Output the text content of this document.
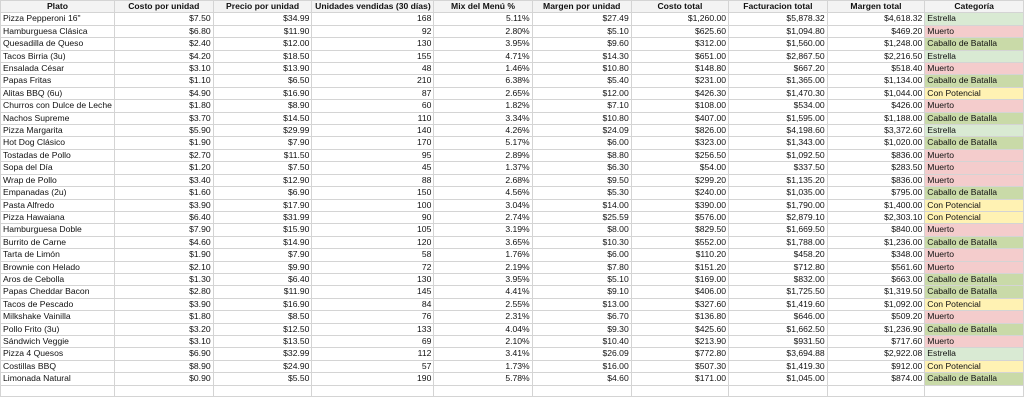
Plato	Costo por unidad	Precio por unidad	Unidades vendidas (30 días)	Mix del Menú %	Margen por unidad	Costo total	Facturacion total	Margen total	Categoría
Pizza Pepperoni 16"	$7.50	$34.99	168	5.11%	$27.49	$1,260.00	$5,878.32	$4,618.32	Estrella
Hamburguesa Clásica	$6.80	$11.90	92	2.80%	$5.10	$625.60	$1,094.80	$469.20	Muerto
Quesadilla de Queso	$2.40	$12.00	130	3.95%	$9.60	$312.00	$1,560.00	$1,248.00	Caballo de Batalla
Tacos Birria (3u)	$4.20	$18.50	155	4.71%	$14.30	$651.00	$2,867.50	$2,216.50	Estrella
Ensalada César	$3.10	$13.90	48	1.46%	$10.80	$148.80	$667.20	$518.40	Muerto
Papas Fritas	$1.10	$6.50	210	6.38%	$5.40	$231.00	$1,365.00	$1,134.00	Caballo de Batalla
Alitas BBQ (6u)	$4.90	$16.90	87	2.65%	$12.00	$426.30	$1,470.30	$1,044.00	Con Potencial
Churros con Dulce de Leche	$1.80	$8.90	60	1.82%	$7.10	$108.00	$534.00	$426.00	Muerto
Nachos Supreme	$3.70	$14.50	110	3.34%	$10.80	$407.00	$1,595.00	$1,188.00	Caballo de Batalla
Pizza Margarita	$5.90	$29.99	140	4.26%	$24.09	$826.00	$4,198.60	$3,372.60	Estrella
Hot Dog Clásico	$1.90	$7.90	170	5.17%	$6.00	$323.00	$1,343.00	$1,020.00	Caballo de Batalla
Tostadas de Pollo	$2.70	$11.50	95	2.89%	$8.80	$256.50	$1,092.50	$836.00	Muerto
Sopa del Día	$1.20	$7.50	45	1.37%	$6.30	$54.00	$337.50	$283.50	Muerto
Wrap de Pollo	$3.40	$12.90	88	2.68%	$9.50	$299.20	$1,135.20	$836.00	Muerto
Empanadas (2u)	$1.60	$6.90	150	4.56%	$5.30	$240.00	$1,035.00	$795.00	Caballo de Batalla
Pasta Alfredo	$3.90	$17.90	100	3.04%	$14.00	$390.00	$1,790.00	$1,400.00	Con Potencial
Pizza Hawaiana	$6.40	$31.99	90	2.74%	$25.59	$576.00	$2,879.10	$2,303.10	Con Potencial
Hamburguesa Doble	$7.90	$15.90	105	3.19%	$8.00	$829.50	$1,669.50	$840.00	Muerto
Burrito de Carne	$4.60	$14.90	120	3.65%	$10.30	$552.00	$1,788.00	$1,236.00	Caballo de Batalla
Tarta de Limón	$1.90	$7.90	58	1.76%	$6.00	$110.20	$458.20	$348.00	Muerto
Brownie con Helado	$2.10	$9.90	72	2.19%	$7.80	$151.20	$712.80	$561.60	Muerto
Aros de Cebolla	$1.30	$6.40	130	3.95%	$5.10	$169.00	$832.00	$663.00	Caballo de Batalla
Papas Cheddar Bacon	$2.80	$11.90	145	4.41%	$9.10	$406.00	$1,725.50	$1,319.50	Caballo de Batalla
Tacos de Pescado	$3.90	$16.90	84	2.55%	$13.00	$327.60	$1,419.60	$1,092.00	Con Potencial
Milkshake Vainilla	$1.80	$8.50	76	2.31%	$6.70	$136.80	$646.00	$509.20	Muerto
Pollo Frito (3u)	$3.20	$12.50	133	4.04%	$9.30	$425.60	$1,662.50	$1,236.90	Caballo de Batalla
Sándwich Veggie	$3.10	$13.50	69	2.10%	$10.40	$213.90	$931.50	$717.60	Muerto
Pizza 4 Quesos	$6.90	$32.99	112	3.41%	$26.09	$772.80	$3,694.88	$2,922.08	Estrella
Costillas BBQ	$8.90	$24.90	57	1.73%	$16.00	$507.30	$1,419.30	$912.00	Con Potencial
Limonada Natural	$0.90	$5.50	190	5.78%	$4.60	$171.00	$1,045.00	$874.00	Caballo de Batalla
